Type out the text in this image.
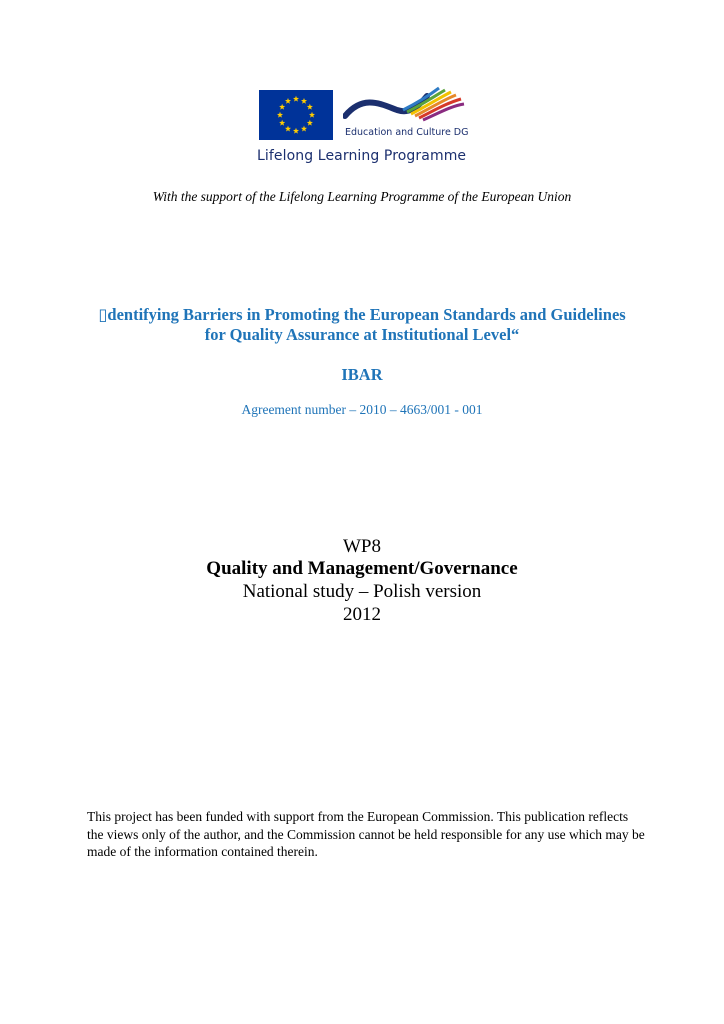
Education and Culture DG
Lifelong Learning Programme
With the support of the Lifelong Learning Programme of the European Union
▯dentifying Barriers in Promoting the European Standards and Guidelines
for Quality Assurance at Institutional Level“
IBAR
Agreement number – 2010 – 4663/001 - 001
WP8
Quality and Management/Governance
National study – Polish version
2012
This project has been funded with support from the European Commission. This publication reflects the views only of the author, and the Commission cannot be held responsible for any use which may be made of the information contained therein.
